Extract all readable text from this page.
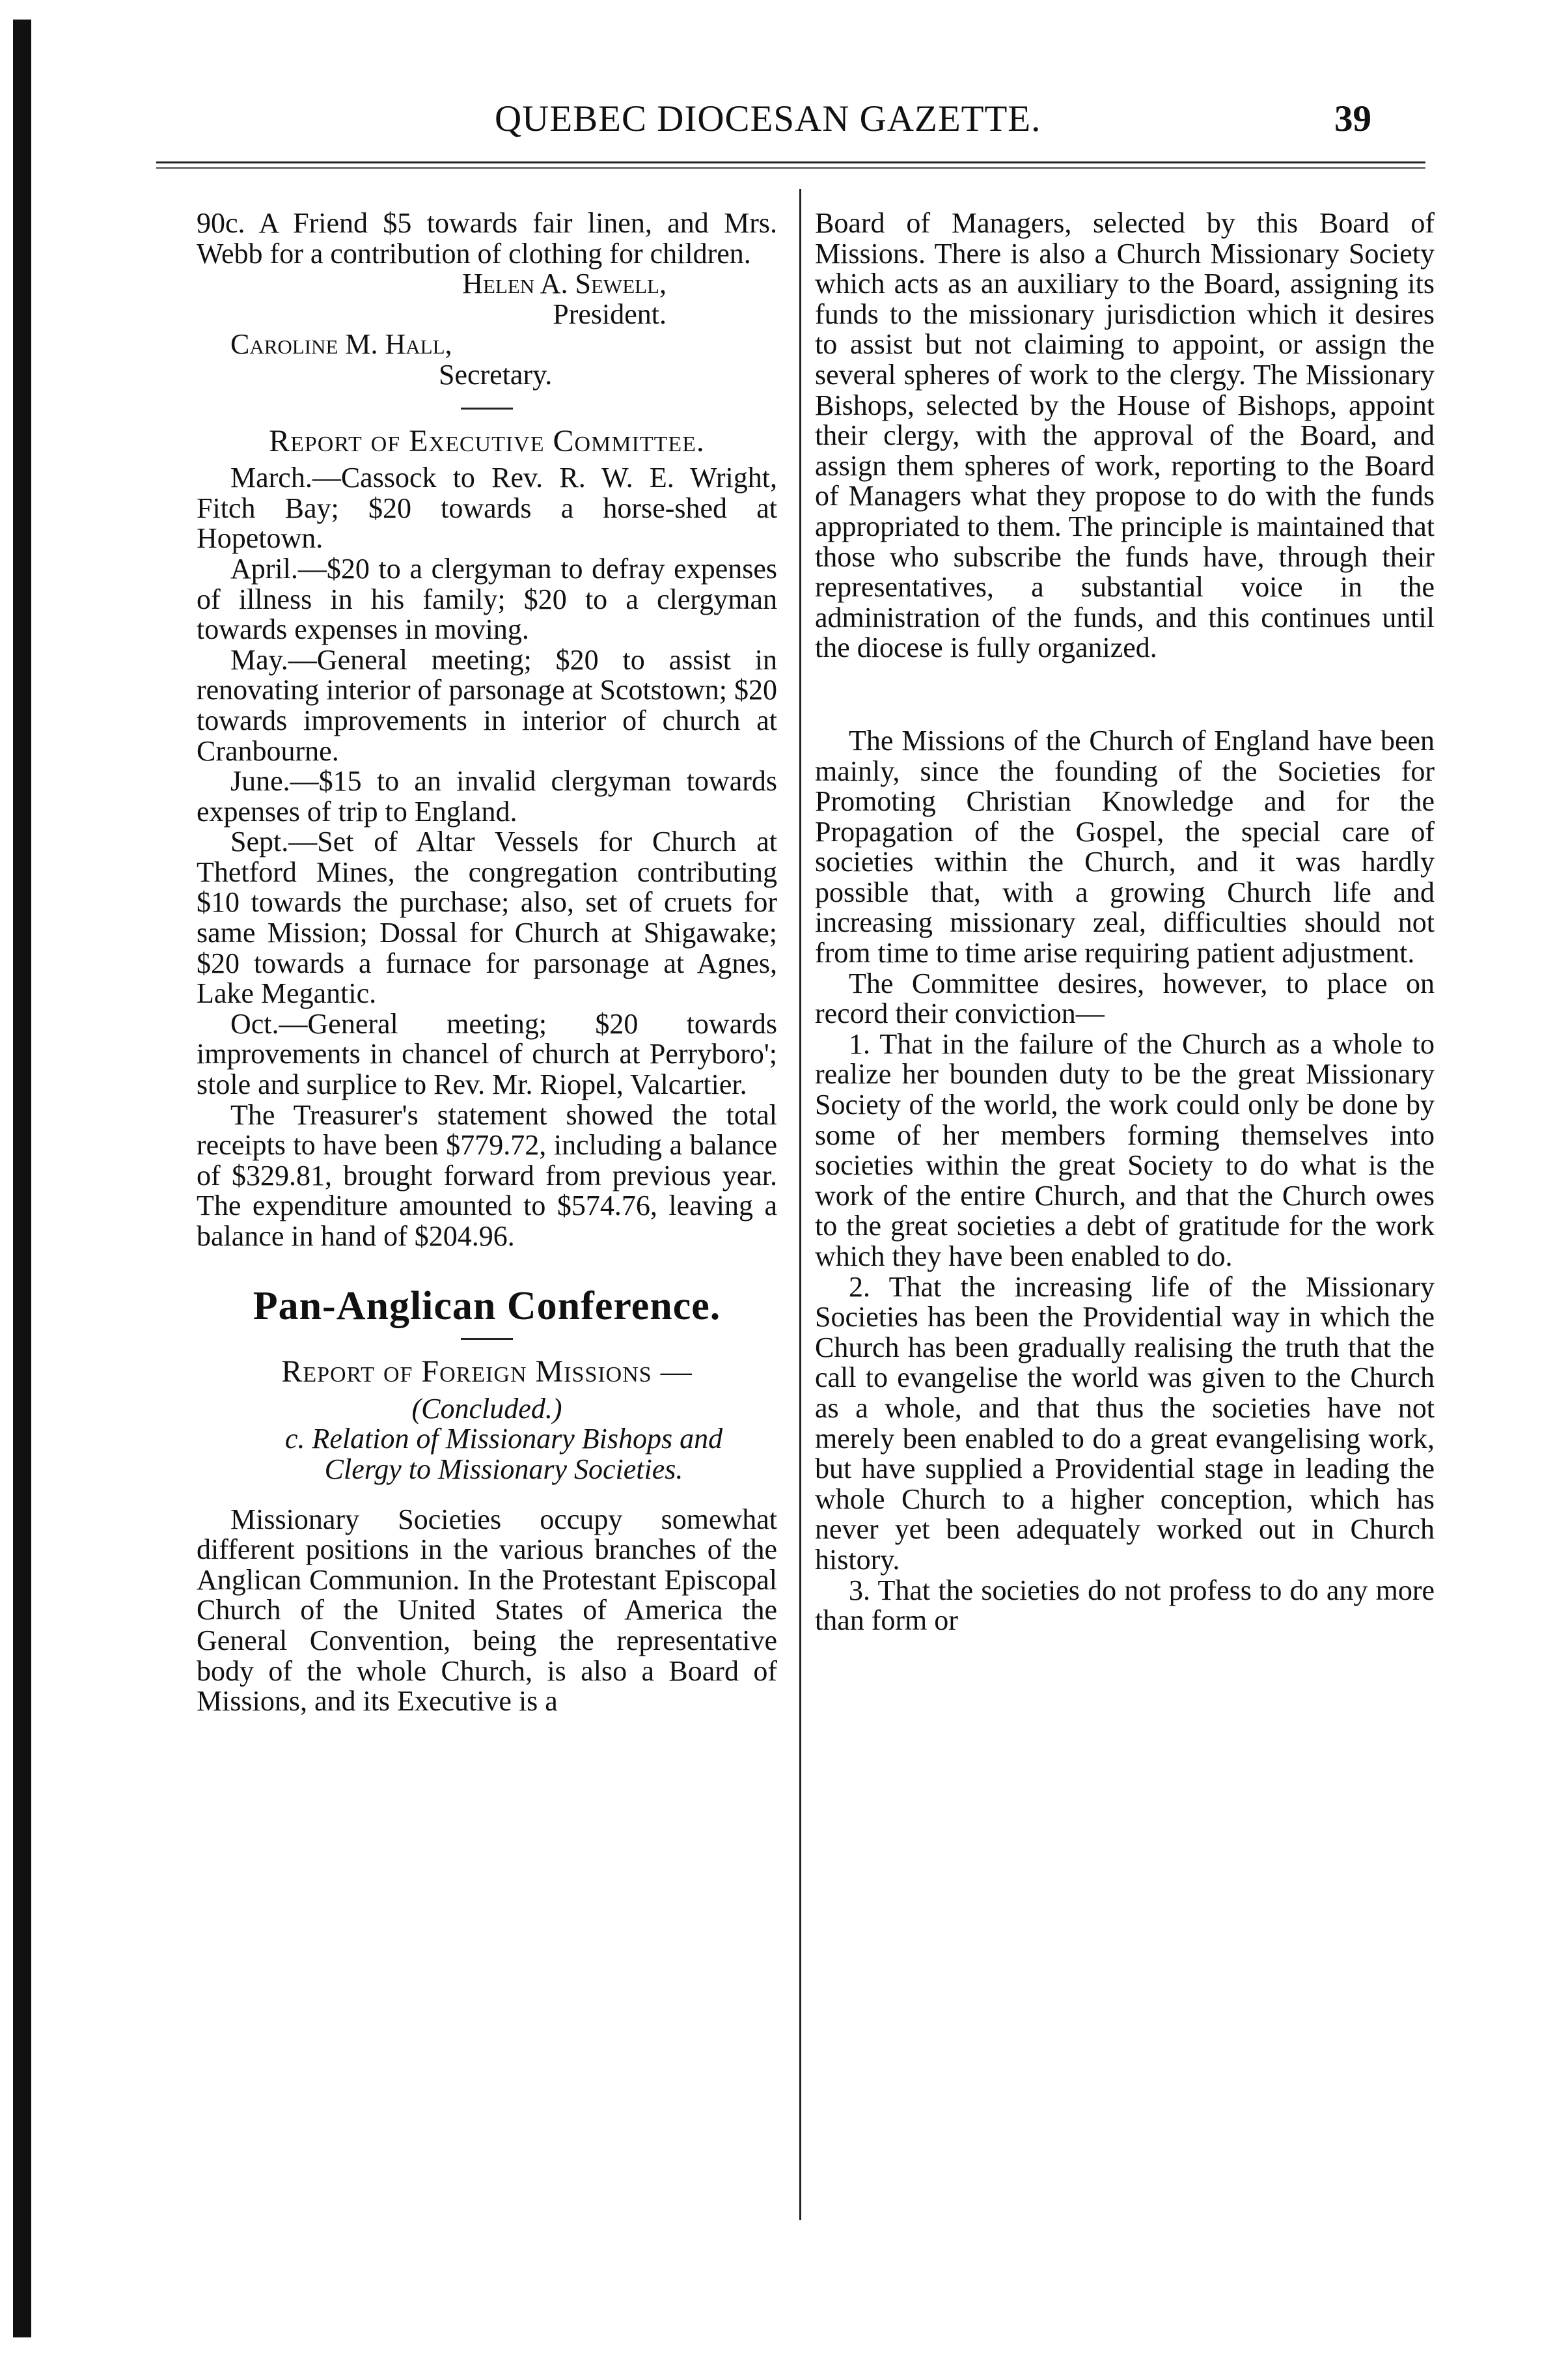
QUEBEC DIOCESAN GAZETTE.	39

90c. A Friend $5 towards fair linen, and Mrs. Webb for a contribution of clothing for children.

Helen A. Sewell,

President.

Caroline M. Hall,

Secretary.

Report of Executive Committee.

March.—Cassock to Rev. R. W. E. Wright, Fitch Bay; $20 towards a horse-shed at Hopetown.

April.—$20 to a clergyman to defray expenses of illness in his family; $20 to a clergyman towards expenses in moving.

May.—General meeting; $20 to assist in renovating interior of parsonage at Scotstown; $20 towards improvements in interior of church at Cranbourne.

June.—$15 to an invalid clergyman towards expenses of trip to England.

Sept.—Set of Altar Vessels for Church at Thetford Mines, the congregation contributing $10 towards the purchase; also, set of cruets for same Mission; Dossal for Church at Shigawake; $20 towards a furnace for parsonage at Agnes, Lake Megantic.

Oct.—General meeting; $20 towards improvements in chancel of church at Perryboro'; stole and surplice to Rev. Mr. Riopel, Valcartier.

The Treasurer's statement showed the total receipts to have been $779.72, including a balance of $329.81, brought forward from previous year. The expenditure amounted to $574.76, leaving a balance in hand of $204.96.

Pan-Anglican Conference.
Report of Foreign Missions —

(Concluded.)

c. Relation of Missionary Bishops and

Clergy to Missionary Societies.

Missionary Societies occupy somewhat different positions in the various branches of the Anglican Communion. In the Protestant Episcopal Church of the United States of America the General Convention, being the representative body of the whole Church, is also a Board of Missions, and its Executive is a

Board of Managers, selected by this Board of Missions. There is also a Church Missionary Society which acts as an auxiliary to the Board, assigning its funds to the missionary jurisdiction which it desires to assist but not claiming to appoint, or assign the several spheres of work to the clergy. The Missionary Bishops, selected by the House of Bishops, appoint their clergy, with the approval of the Board, and assign them spheres of work, reporting to the Board of Managers what they propose to do with the funds appropriated to them. The principle is maintained that those who subscribe the funds have, through their representatives, a substantial voice in the administration of the funds, and this continues until the diocese is fully organized.

The Missions of the Church of England have been mainly, since the founding of the Societies for Promoting Christian Knowledge and for the Propagation of the Gospel, the special care of societies within the Church, and it was hardly possible that, with a growing Church life and increasing missionary zeal, difficulties should not from time to time arise requiring patient adjustment.

The Committee desires, however, to place on record their conviction—

1. That in the failure of the Church as a whole to realize her bounden duty to be the great Missionary Society of the world, the work could only be done by some of her members forming themselves into societies within the great Society to do what is the work of the entire Church, and that the Church owes to the great societies a debt of gratitude for the work which they have been enabled to do.

2. That the increasing life of the Missionary Societies has been the Providential way in which the Church has been gradually realising the truth that the call to evangelise the world was given to the Church as a whole, and that thus the societies have not merely been enabled to do a great evangelising work, but have supplied a Providential stage in leading the whole Church to a higher conception, which has never yet been adequately worked out in Church history.

3. That the societies do not profess to do any more than form or
